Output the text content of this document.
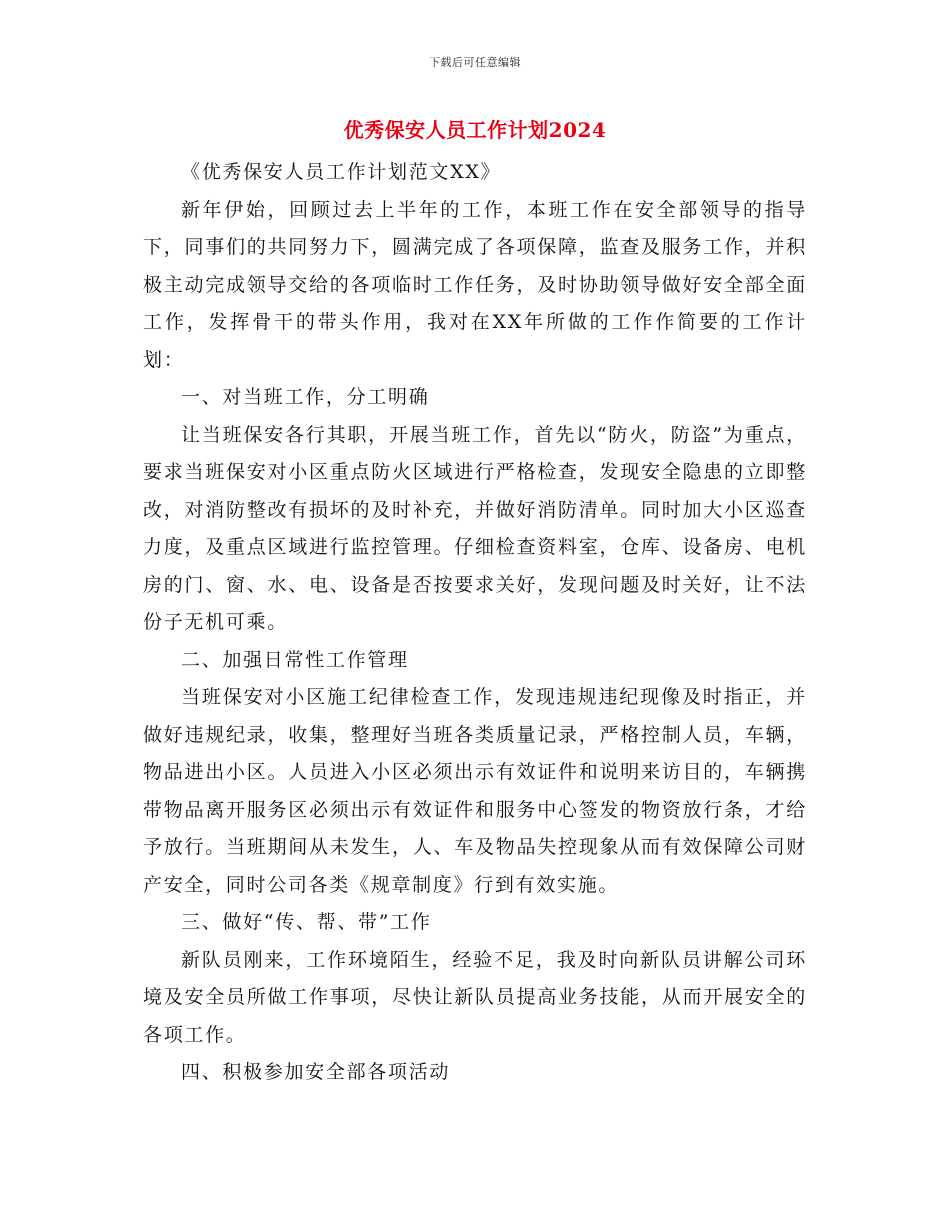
下载后可任意编辑
优秀保安人员工作计划2024

《优秀保安人员工作计划范文XX》

新年伊始，回顾过去上半年的工作，本班工作在安全部领导的指导下，同事们的共同努力下，圆满完成了各项保障，监查及服务工作，并积极主动完成领导交给的各项临时工作任务，及时协助领导做好安全部全面工作，发挥骨干的带头作用，我对在XX年所做的工作作简要的工作计划：

一、对当班工作，分工明确

让当班保安各行其职，开展当班工作，首先以“防火，防盗”为重点，要求当班保安对小区重点防火区域进行严格检查，发现安全隐患的立即整改，对消防整改有损坏的及时补充，并做好消防清单。同时加大小区巡查力度，及重点区域进行监控管理。仔细检查资料室，仓库、设备房、电机房的门、窗、水、电、设备是否按要求关好，发现问题及时关好，让不法份子无机可乘。

二、加强日常性工作管理

当班保安对小区施工纪律检查工作，发现违规违纪现像及时指正，并做好违规纪录，收集，整理好当班各类质量记录，严格控制人员，车辆，物品进出小区。人员进入小区必须出示有效证件和说明来访目的，车辆携带物品离开服务区必须出示有效证件和服务中心签发的物资放行条，才给予放行。当班期间从未发生，人、车及物品失控现象从而有效保障公司财产安全，同时公司各类《规章制度》行到有效实施。

三、做好“传、帮、带”工作

新队员刚来，工作环境陌生，经验不足，我及时向新队员讲解公司环境及安全员所做工作事项，尽快让新队员提高业务技能，从而开展安全的各项工作。

四、积极参加安全部各项活动
